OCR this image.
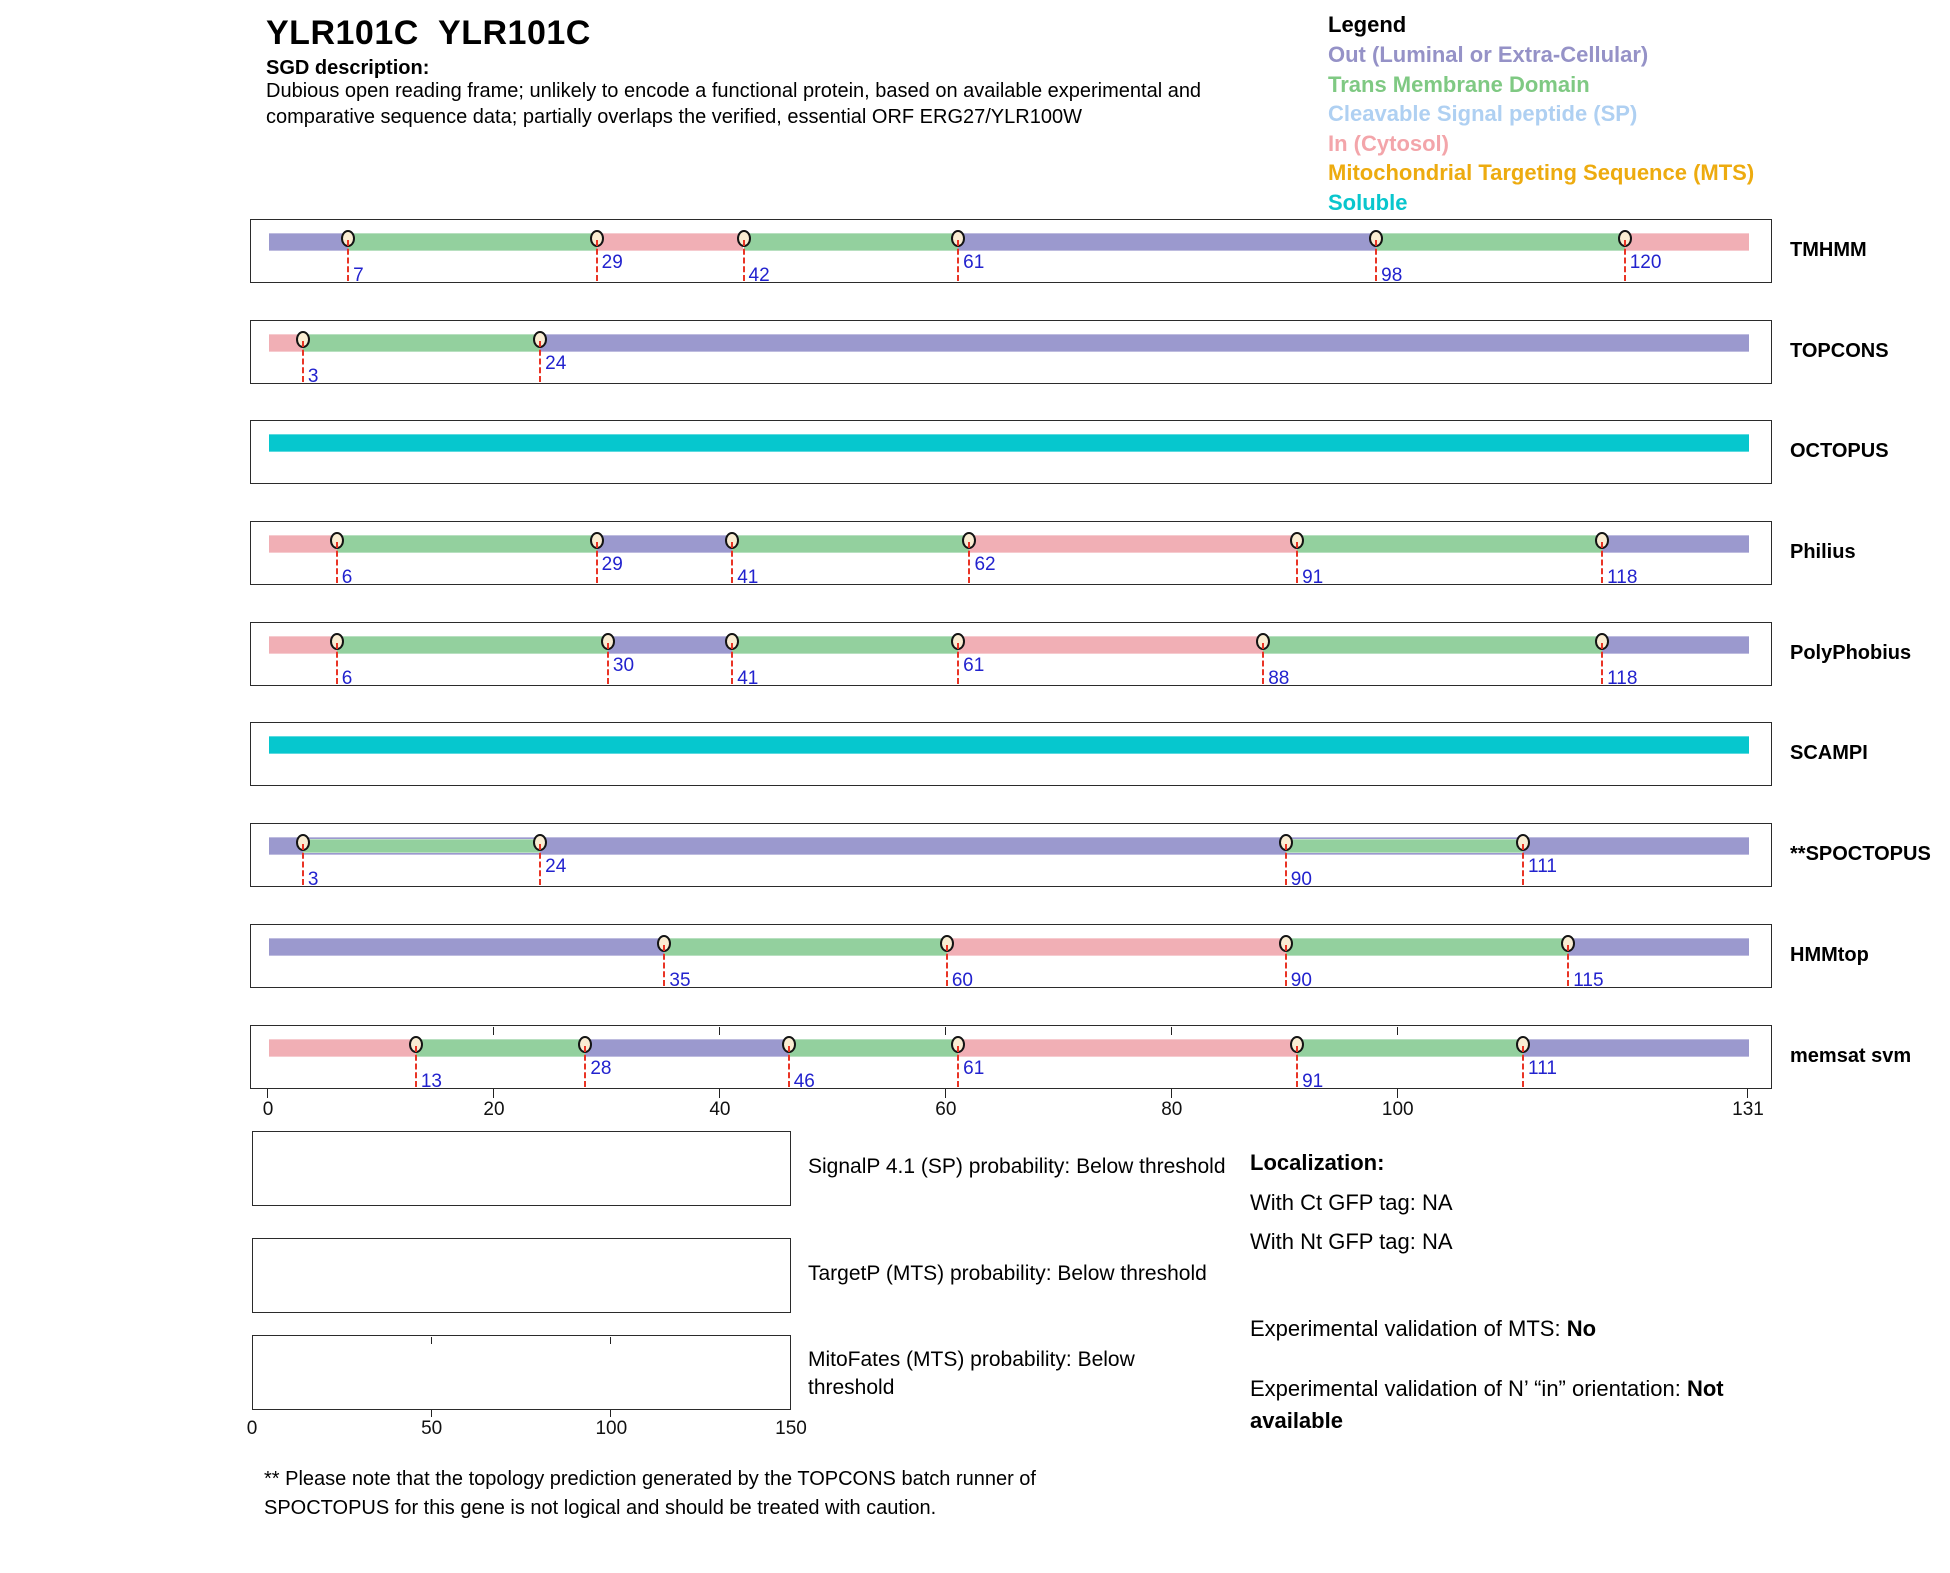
YLR101C  YLR101C
SGD description:
Dubious open reading frame; unlikely to encode a functional protein, based on available experimental and
comparative sequence data; partially overlaps the verified, essential ORF ERG27/YLR100W
Legend
Localization:
With Ct GFP tag: NA
With Nt GFP tag: NA
Experimental validation of MTS: No
Experimental validation of N’ “in” orientation: Not
available
** Please note that the topology prediction generated by the TOPCONS batch runner of
SPOCTOPUS for this gene is not logical and should be treated with caution.
Out (Luminal or Extra-Cellular)
Trans Membrane Domain
Cleavable Signal peptide (SP)
In (Cytosol)
Mitochondrial Targeting Sequence (MTS)
Soluble
7
29
42
61
98
120
TMHMM
3
24
TOPCONS
OCTOPUS
6
29
41
62
91	118
Philius
6
30
41
61
88	118
PolyPhobius
SCAMPI
3
24
90
111
**SPOCTOPUS
35	60	90	115
HMMtop
13
28
46
61
91
111
memsat svm
0	20	40	60	80	100	131
SignalP 4.1 (SP) probability: Below threshold
TargetP (MTS) probability: Below threshold
MitoFates (MTS) probability: Below
threshold
0	50	100	150
